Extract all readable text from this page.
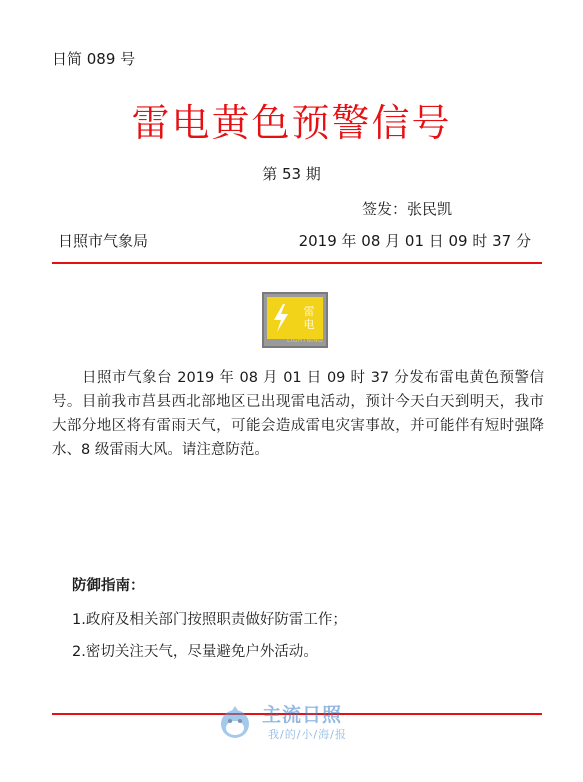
日简 089 号
雷电黄色预警信号
第 53 期
签发：张民凯
日照市气象局	2019 年 08 月 01 日 09 时 37 分
雷
电
LIGHTNING
日照市气象台 2019 年 08 月 01 日 09 时 37 分发布雷电黄色预警信号。目前我市莒县西北部地区已出现雷电活动，预计今天白天到明天，我市大部分地区将有雷雨天气，可能会造成雷电灾害事故，并可能伴有短时强降水、8 级雷雨大风。请注意防范。
防御指南：
1.政府及相关部门按照职责做好防雷工作；
2.密切关注天气，尽量避免户外活动。
主流日照
我/的/小/海/报
